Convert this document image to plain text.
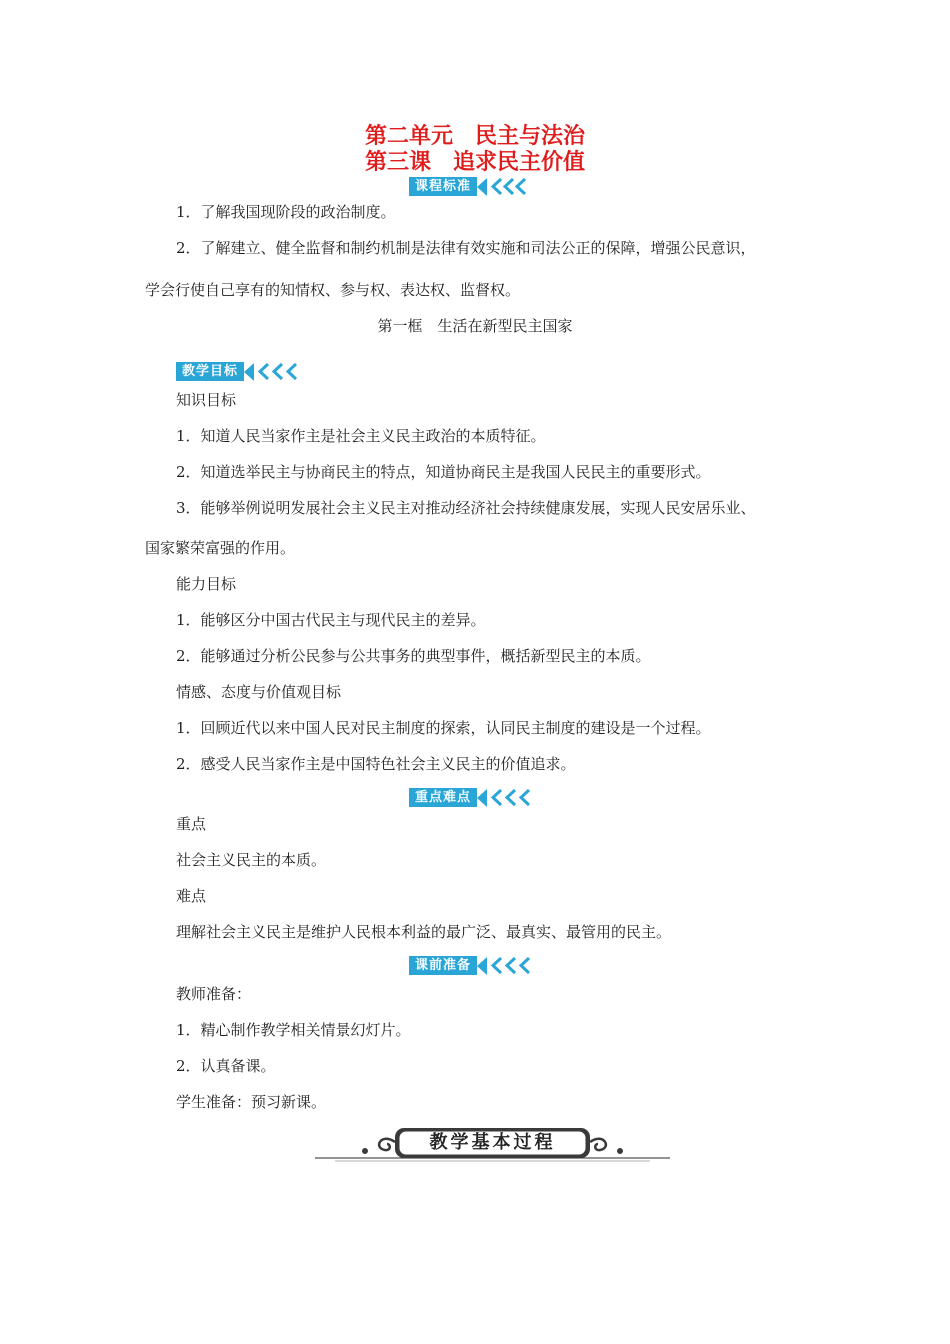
第二单元　民主与法治
第三课　追求民主价值
课程标准
1．了解我国现阶段的政治制度。
2．了解建立、健全监督和制约机制是法律有效实施和司法公正的保障，增强公民意识，
学会行使自己享有的知情权、参与权、表达权、监督权。
第一框　生活在新型民主国家
教学目标
知识目标
1．知道人民当家作主是社会主义民主政治的本质特征。
2．知道选举民主与协商民主的特点，知道协商民主是我国人民民主的重要形式。
3．能够举例说明发展社会主义民主对推动经济社会持续健康发展，实现人民安居乐业、
国家繁荣富强的作用。
能力目标
1．能够区分中国古代民主与现代民主的差异。
2．能够通过分析公民参与公共事务的典型事件，概括新型民主的本质。
情感、态度与价值观目标
1．回顾近代以来中国人民对民主制度的探索，认同民主制度的建设是一个过程。
2．感受人民当家作主是中国特色社会主义民主的价值追求。
重点难点
重点
社会主义民主的本质。
难点
理解社会主义民主是维护人民根本利益的最广泛、最真实、最管用的民主。
课前准备
教师准备：
1．精心制作教学相关情景幻灯片。
2．认真备课。
学生准备：预习新课。
教学基本过程
